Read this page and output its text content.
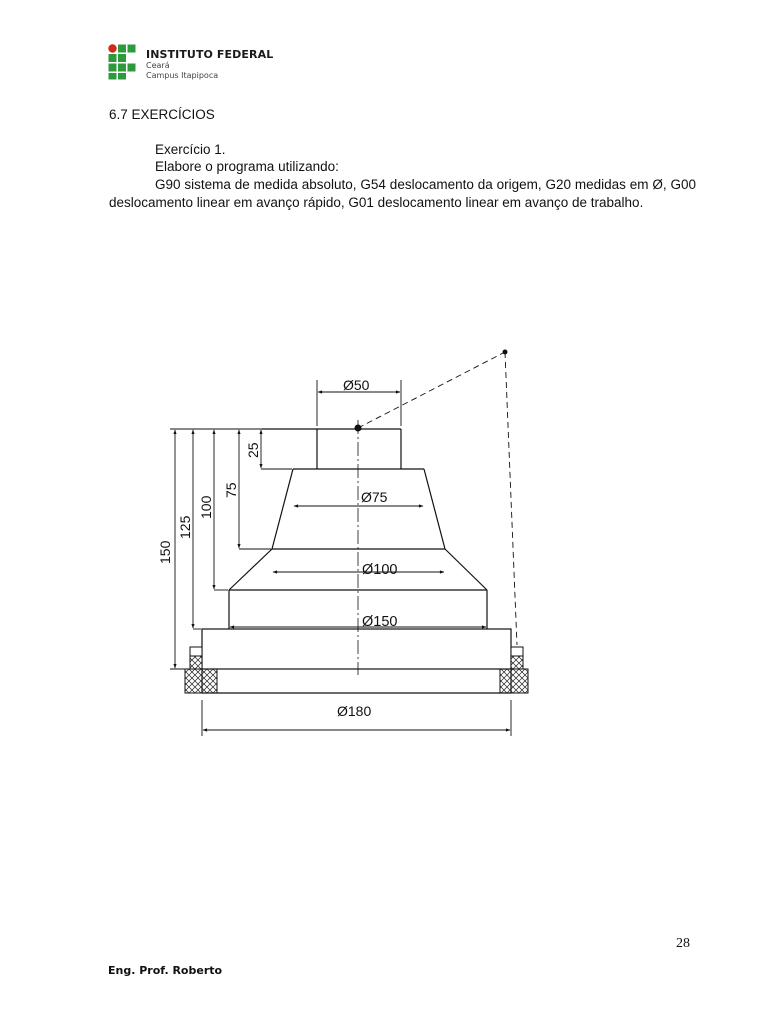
INSTITUTO FEDERAL
Ceará
Campus Itapipoca
6.7 EXERCÍCIOS
Exercício 1.
Elabore o programa utilizando:
G90 sistema de medida absoluto, G54 deslocamento da origem, G20 medidas em Ø, G00 deslocamento linear em avanço rápido, G01 deslocamento linear em avanço de trabalho.
Ø50
Ø75
Ø100
Ø150
Ø180
25
75
100
125
150
28
Eng. Prof. Roberto
